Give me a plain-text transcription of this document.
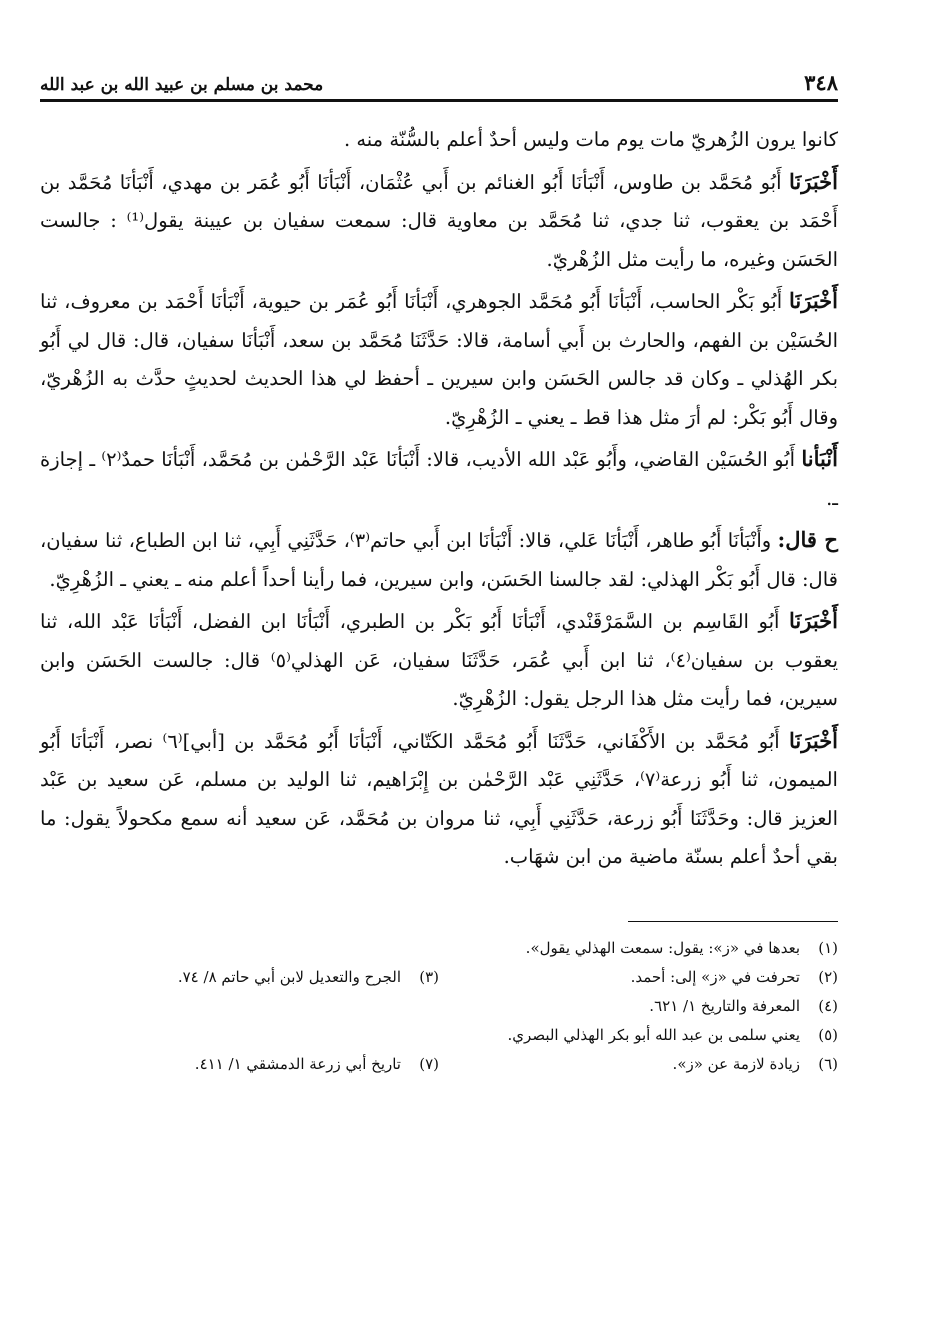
٣٤٨
محمد بن مسلم بن عبيد الله بن عبد الله

كانوا يرون الزُهريّ مات يوم مات وليس أحدٌ أعلم بالسُّنّة منه .

أَخْبَرَنَا أَبُو مُحَمَّد بن طاوس، أَنْبَأنَا أَبُو الغنائم بن أَبي عُثْمَان، أَنْبَأنَا أَبُو عُمَر بن مهدي، أَنْبَأنَا مُحَمَّد بن أَحْمَد بن يعقوب، ثنا جدي، ثنا مُحَمَّد بن معاوية قال: سمعت سفيان بن عيينة يقول⁽¹⁾ : جالست الحَسَن وغيره، ما رأيت مثل الزُهْريّ.

أَخْبَرَنَا أَبُو بَكْر الحاسب، أَنْبَأنَا أَبُو مُحَمَّد الجوهري، أَنْبَأنَا أَبُو عُمَر بن حيوية، أَنْبَأنَا أَحْمَد بن معروف، ثنا الحُسَيْن بن الفهم، والحارث بن أَبي أسامة، قالا: حَدَّثَنَا مُحَمَّد بن سعد، أَنْبَأنَا سفيان، قال: قال لي أَبُو بكر الهُذلي ـ وكان قد جالس الحَسَن وابن سيرين ـ أحفظ لي هذا الحديث لحديثٍ حدَّث به الزُهْريّ، وقال أَبُو بَكْر: لم أرَ مثل هذا قط ـ يعني ـ الزُهْرِيّ.

أَنْبَأنا أَبُو الحُسَيْن القاضي، وأَبُو عَبْد الله الأديب، قالا: أَنْبَأنَا عَبْد الرَّحْمٰن بن مُحَمَّد، أَنْبَأنَا حمدٌ⁽٢⁾ ـ إجازة ـ.

ح قال: وأَنْبَأنَا أَبُو طاهر، أَنْبَأنَا عَلي، قالا: أَنْبَأنَا ابن أَبي حاتم⁽٣⁾، حَدَّثَنِي أَبِي، ثنا ابن الطباع، ثنا سفيان، قال: قال أَبُو بَكْر الهذلي: لقد جالسنا الحَسَن، وابن سيرين، فما رأينا أحداً أعلم منه ـ يعني ـ الزُهْرِيّ.

أَخْبَرَنَا أَبُو القَاسِم بن السَّمَرْقَنْدي، أَنْبَأنَا أَبُو بَكْر بن الطبري، أَنْبَأنَا ابن الفضل، أَنْبَأنَا عَبْد الله، ثنا يعقوب بن سفيان⁽٤⁾، ثنا ابن أَبي عُمَر، حَدَّثَنَا سفيان، عَن الهذلي⁽٥⁾ قال: جالست الحَسَن وابن سيرين، فما رأيت مثل هذا الرجل يقول: الزُهْرِيّ.

أَخْبَرَنَا أَبُو مُحَمَّد بن الأَكْفَاني، حَدَّثَنَا أَبُو مُحَمَّد الكَتّاني، أَنْبَأنَا أَبُو مُحَمَّد بن [أبي]⁽٦⁾ نصر، أَنْبَأنَا أَبُو الميمون، ثنا أَبُو زرعة⁽٧⁾، حَدَّثَنِي عَبْد الرَّحْمٰن بن إِبْرَاهيم، ثنا الوليد بن مسلم، عَن سعيد بن عَبْد العزيز قال: وحَدَّثَنَا أَبُو زرعة، حَدَّثَنِي أَبِي، ثنا مروان بن مُحَمَّد، عَن سعيد أنه سمع مكحولاً يقول: ما بقي أحدٌ أعلم بسنّة ماضية من ابن شهَاب.

(١)
بعدها في «ز»: يقول: سمعت الهذلي يقول».
(٢)
تحرفت في «ز» إلى: أحمد.
(٣)
الجرح والتعديل لابن أبي حاتم ٨/ ٧٤.
(٤)
المعرفة والتاريخ ١/ ٦٢١.
(٥)
يعني سلمى بن عبد الله أبو بكر الهذلي البصري.
(٦)
زيادة لازمة عن «ز».
(٧)
تاريخ أبي زرعة الدمشقي ١/ ٤١١.
